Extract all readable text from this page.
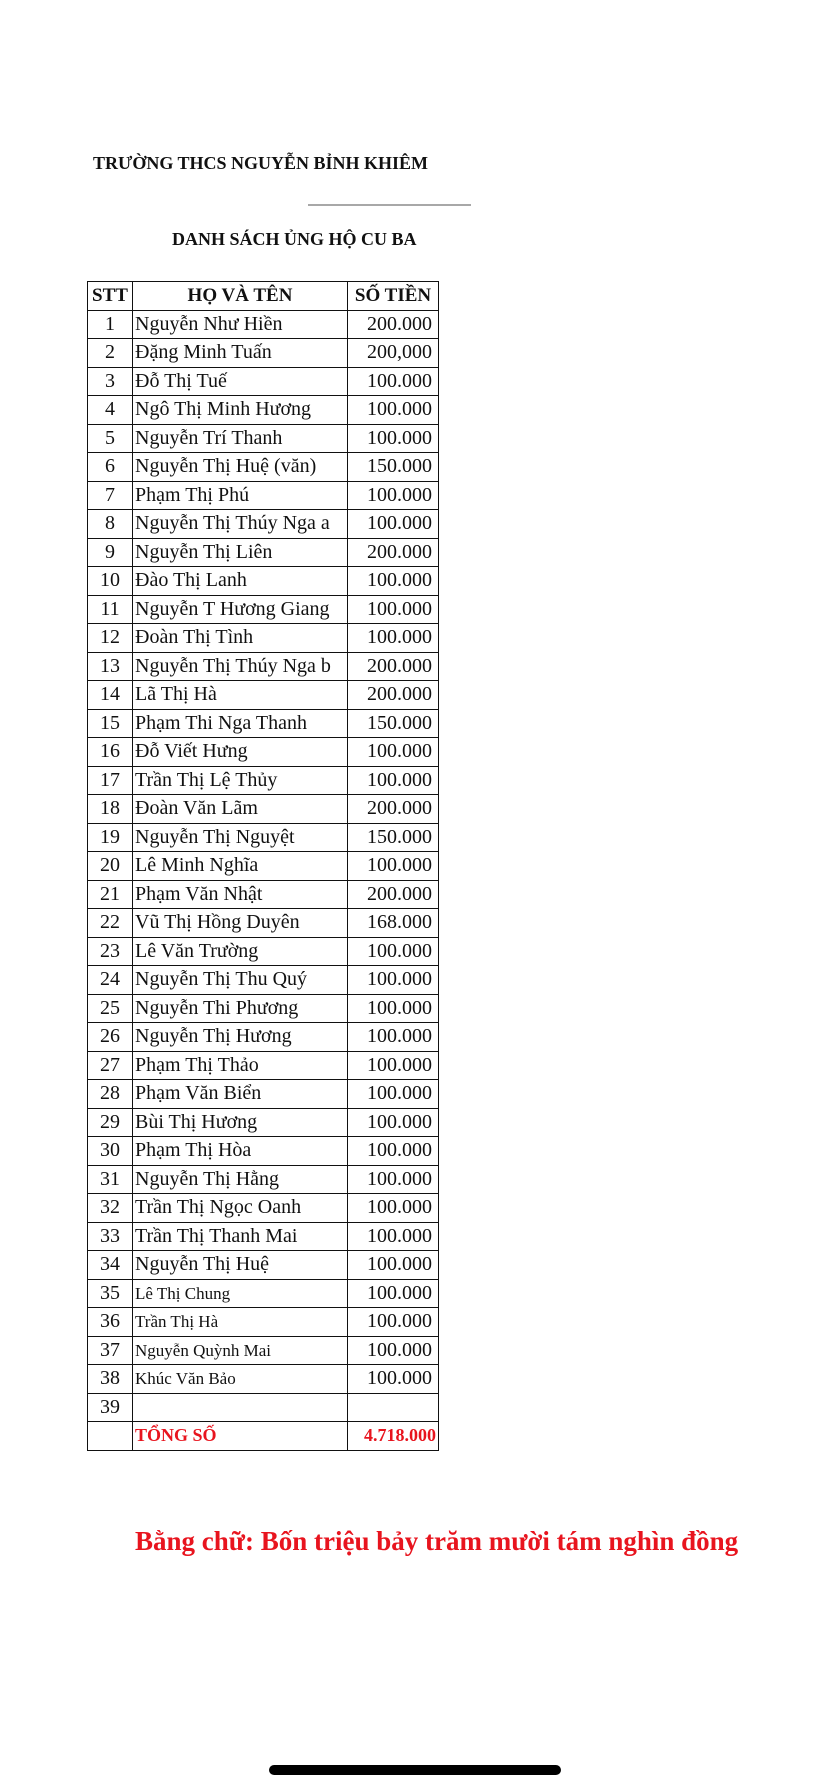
TRƯỜNG THCS NGUYỄN BỈNH KHIÊM
DANH SÁCH ỦNG HỘ CU BA
STT	HỌ VÀ TÊN	SỐ TIỀN
1	Nguyễn Như Hiền	200.000
2	Đặng Minh Tuấn	200,000
3	Đỗ Thị Tuế	100.000
4	Ngô Thị Minh Hương	100.000
5	Nguyễn Trí Thanh	100.000
6	Nguyễn Thị Huệ (văn)	150.000
7	Phạm Thị Phú	100.000
8	Nguyễn Thị Thúy Nga a	100.000
9	Nguyễn Thị Liên	200.000
10	Đào Thị Lanh	100.000
11	Nguyễn T Hương Giang	100.000
12	Đoàn Thị Tình	100.000
13	Nguyễn Thị Thúy Nga b	200.000
14	Lã Thị Hà	200.000
15	Phạm Thi Nga Thanh	150.000
16	Đỗ Viết Hưng	100.000
17	Trần Thị Lệ Thủy	100.000
18	Đoàn Văn Lãm	200.000
19	Nguyễn Thị Nguyệt	150.000
20	Lê Minh Nghĩa	100.000
21	Phạm Văn Nhật	200.000
22	Vũ Thị Hồng Duyên	168.000
23	Lê Văn Trường	100.000
24	Nguyễn Thị Thu Quý	100.000
25	Nguyễn Thi Phương	100.000
26	Nguyễn Thị Hương	100.000
27	Phạm Thị Thảo	100.000
28	Phạm Văn Biển	100.000
29	Bùi Thị Hương	100.000
30	Phạm Thị Hòa	100.000
31	Nguyễn Thị Hằng	100.000
32	Trần Thị Ngọc Oanh	100.000
33	Trần Thị Thanh Mai	100.000
34	Nguyễn Thị Huệ	100.000
35	Lê Thị Chung	100.000
36	Trần Thị Hà	100.000
37	Nguyễn Quỳnh Mai	100.000
38	Khúc Văn Bảo	100.000
39		
	TỔNG SỐ	4.718.000
Bằng chữ: Bốn triệu bảy trăm mười tám nghìn đồng
